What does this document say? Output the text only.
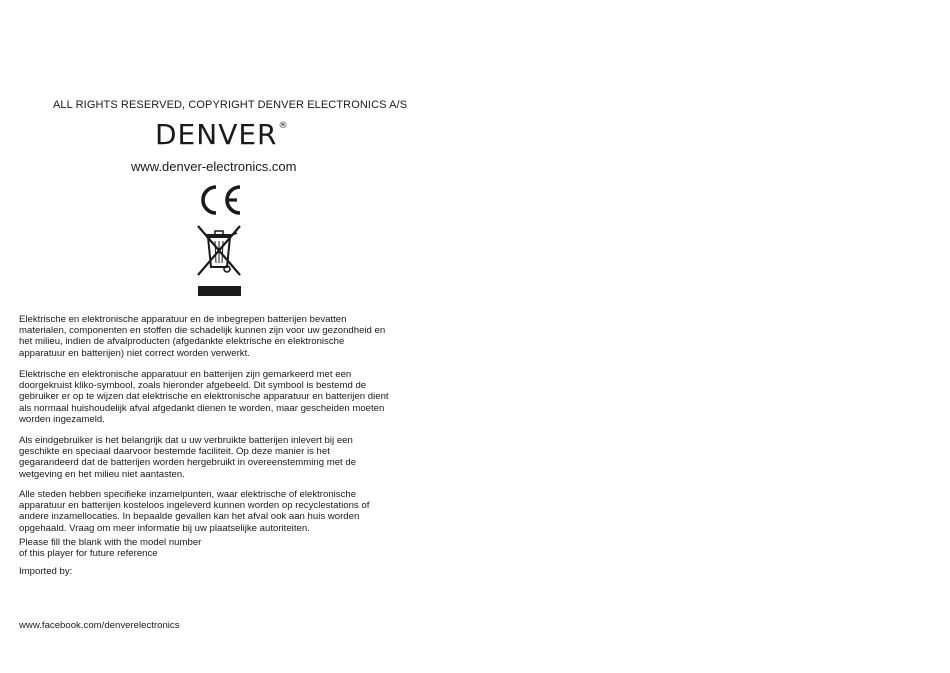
ALL RIGHTS RESERVED, COPYRIGHT DENVER ELECTRONICS A/S
DENVER®
www.denver-electronics.com
Elektrische en elektronische apparatuur en de inbegrepen batterijen bevatten
materialen, componenten en stoffen die schadelijk kunnen zijn voor uw gezondheid en
het milieu, indien de afvalproducten (afgedankte elektrische en elektronische
apparatuur en batterijen) niet correct worden verwerkt.
Elektrische en elektronische apparatuur en batterijen zijn gemarkeerd met een
doorgekruist kliko-symbool, zoals hieronder afgebeeld. Dit symbool is bestemd de
gebruiker er op te wijzen dat elektrische en elektronische apparatuur en batterijen dient
als normaal huishoudelijk afval afgedankt dienen te worden, maar gescheiden moeten
worden ingezameld.
Als eindgebruiker is het belangrijk dat u uw verbruikte batterijen inlevert bij een
geschikte en speciaal daarvoor bestemde faciliteit. Op deze manier is het
gegarandeerd dat de batterijen worden hergebruikt in overeenstemming met de
wetgeving en het milieu niet aantasten.
Alle steden hebben specifieke inzamelpunten, waar elektrische of elektronische
apparatuur en batterijen kosteloos ingeleverd kunnen worden op recyclestations of
andere inzamellocaties. In bepaalde gevallen kan het afval ook aan huis worden
opgehaald. Vraag om meer informatie bij uw plaatselijke autoriteiten.
Please fill the blank with the model number
of this player for future reference
Imported by:
www.facebook.com/denverelectronics
